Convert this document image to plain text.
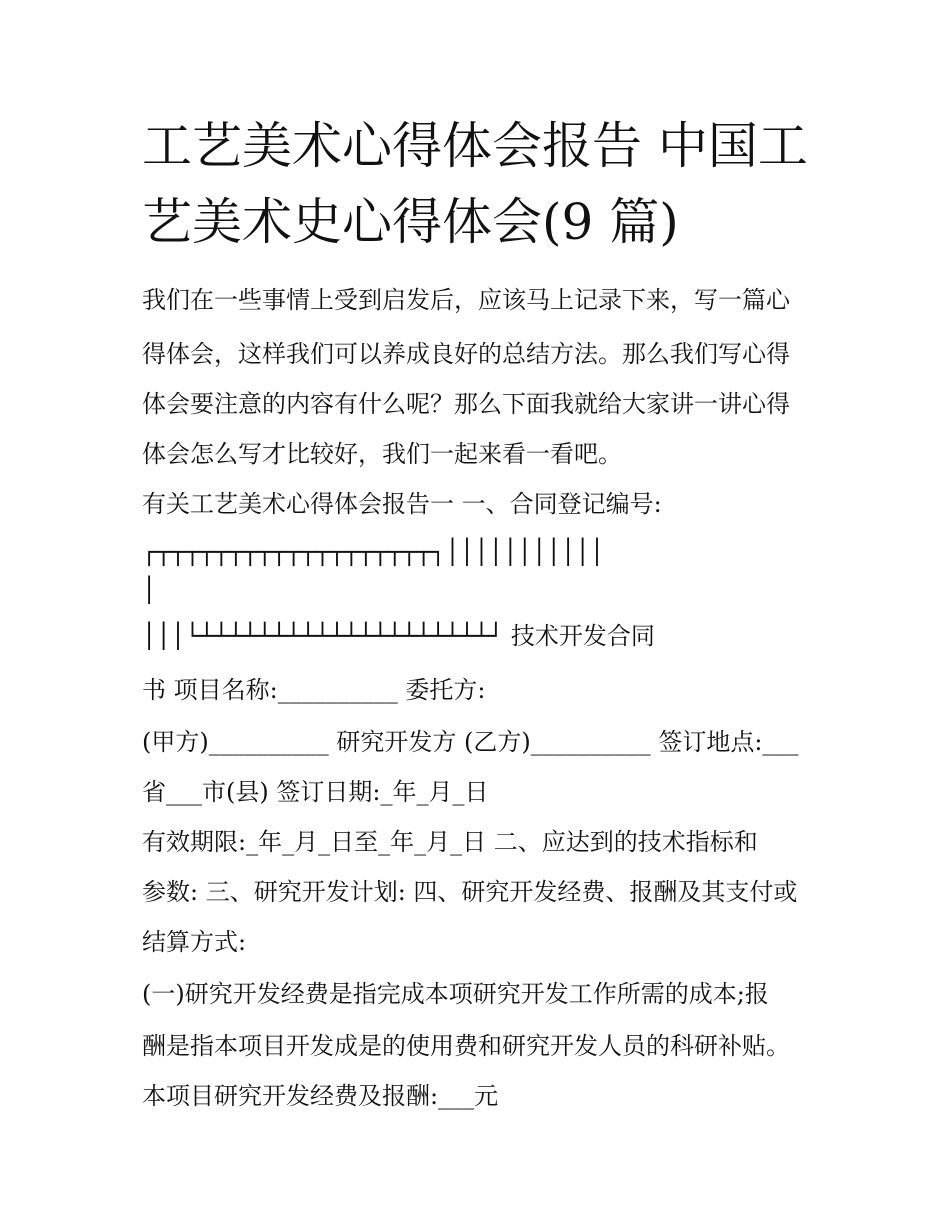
工艺美术心得体会报告 中国工
艺美术史心得体会(9 篇)
我们在一些事情上受到启发后，应该马上记录下来，写一篇心
得体会，这样我们可以养成良好的总结方法。那么我们写心得
体会要注意的内容有什么呢？那么下面我就给大家讲一讲心得
体会怎么写才比较好，我们一起来看一看吧。
有关工艺美术心得体会报告一 一、合同登记编号:
┌┬┬┬┬┬┬┬┬┬┬┬┬┬┬┬┬┬┬┬┐│││││││││││
│
│││└┴┴┴┴┴┴┴┴┴┴┴┴┴┴┴┴┴┴┴┴┘ 技术开发合同
书 项目名称:__________ 委托方:
(甲方)__________ 研究开发方 (乙方)__________ 签订地点:___
省___市(县) 签订日期:_年_月_日
有效期限:_年_月_日至_年_月_日 二、应达到的技术指标和
参数: 三、研究开发计划: 四、研究开发经费、报酬及其支付或
结算方式:
(一)研究开发经费是指完成本项研究开发工作所需的成本;报
酬是指本项目开发成是的使用费和研究开发人员的科研补贴。
本项目研究开发经费及报酬:___元
